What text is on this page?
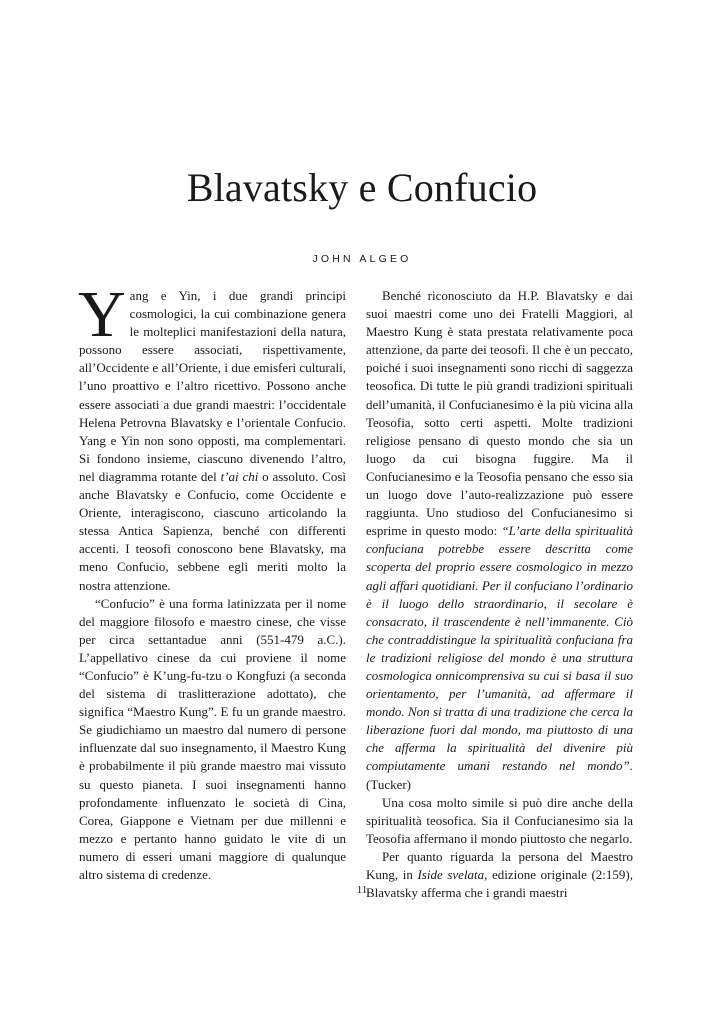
Blavatsky e Confucio
JOHN ALGEO

Yang e Yin, i due grandi principi cosmologici, la cui combinazione genera le molteplici manifestazioni della natura, possono essere associati, rispettivamente, all’Occidente e all’Oriente, i due emisferi culturali, l’uno proattivo e l’altro ricettivo. Possono anche essere associati a due grandi maestri: l’occidentale Helena Petrovna Blavatsky e l’orientale Confucio. Yang e Yin non sono opposti, ma complementari. Si fondono insieme, ciascuno divenendo l’altro, nel diagramma rotante del t’ai chi o assoluto. Così anche Blavatsky e Confucio, come Occidente e Oriente, interagiscono, ciascuno articolando la stessa Antica Sapienza, benché con differenti accenti. I teosofi conoscono bene Blavatsky, ma meno Confucio, sebbene egli meriti molto la nostra attenzione.

“Confucio” è una forma latinizzata per il nome del maggiore filosofo e maestro cinese, che visse per circa settantadue anni (551-479 a.C.). L’appellativo cinese da cui proviene il nome “Confucio” è K’ung-fu-tzu o Kongfuzi (a seconda del sistema di traslitterazione adottato), che significa “Maestro Kung”. E fu un grande maestro. Se giudichiamo un maestro dal numero di persone influenzate dal suo insegnamento, il Maestro Kung è probabilmente il più grande maestro mai vissuto su questo pianeta. I suoi insegnamenti hanno profondamente influenzato le società di Cina, Corea, Giappone e Vietnam per due millenni e mezzo e pertanto hanno guidato le vite di un numero di esseri umani maggiore di qualunque altro sistema di credenze.

Benché riconosciuto da H.P. Blavatsky e dai suoi maestri come uno dei Fratelli Maggiori, al Maestro Kung è stata prestata relativamente poca attenzione, da parte dei teosofi. Il che è un peccato, poiché i suoi insegnamenti sono ricchi di saggezza teosofica. Di tutte le più grandi tradizioni spirituali dell’umanità, il Confucianesimo è la più vicina alla Teosofia, sotto certi aspetti. Molte tradizioni religiose pensano di questo mondo che sia un luogo da cui bisogna fuggire. Ma il Confucianesimo e la Teosofia pensano che esso sia un luogo dove l’auto-realizzazione può essere raggiunta. Uno studioso del Confucianesimo si esprime in questo modo: “L’arte della spiritualità confuciana potrebbe essere descritta come scoperta del proprio essere cosmologico in mezzo agli affari quotidiani. Per il confuciano l’ordinario è il luogo dello straordinario, il secolare è consacrato, il trascendente è nell’immanente. Ciò che contraddistingue la spiritualità confuciana fra le tradizioni religiose del mondo è una struttura cosmologica onnicomprensiva su cui si basa il suo orientamento, per l’umanità, ad affermare il mondo. Non si tratta di una tradizione che cerca la liberazione fuori dal mondo, ma piuttosto di una che afferma la spiritualità del divenire più compiutamente umani restando nel mondo”. (Tucker)

Una cosa molto simile si può dire anche della spiritualità teosofica. Sia il Confucianesimo sia la Teosofia affermano il mondo piuttosto che negarlo.

Per quanto riguarda la persona del Maestro Kung, in Iside svelata, edizione originale (2:159), Blavatsky afferma che i grandi maestri

11
